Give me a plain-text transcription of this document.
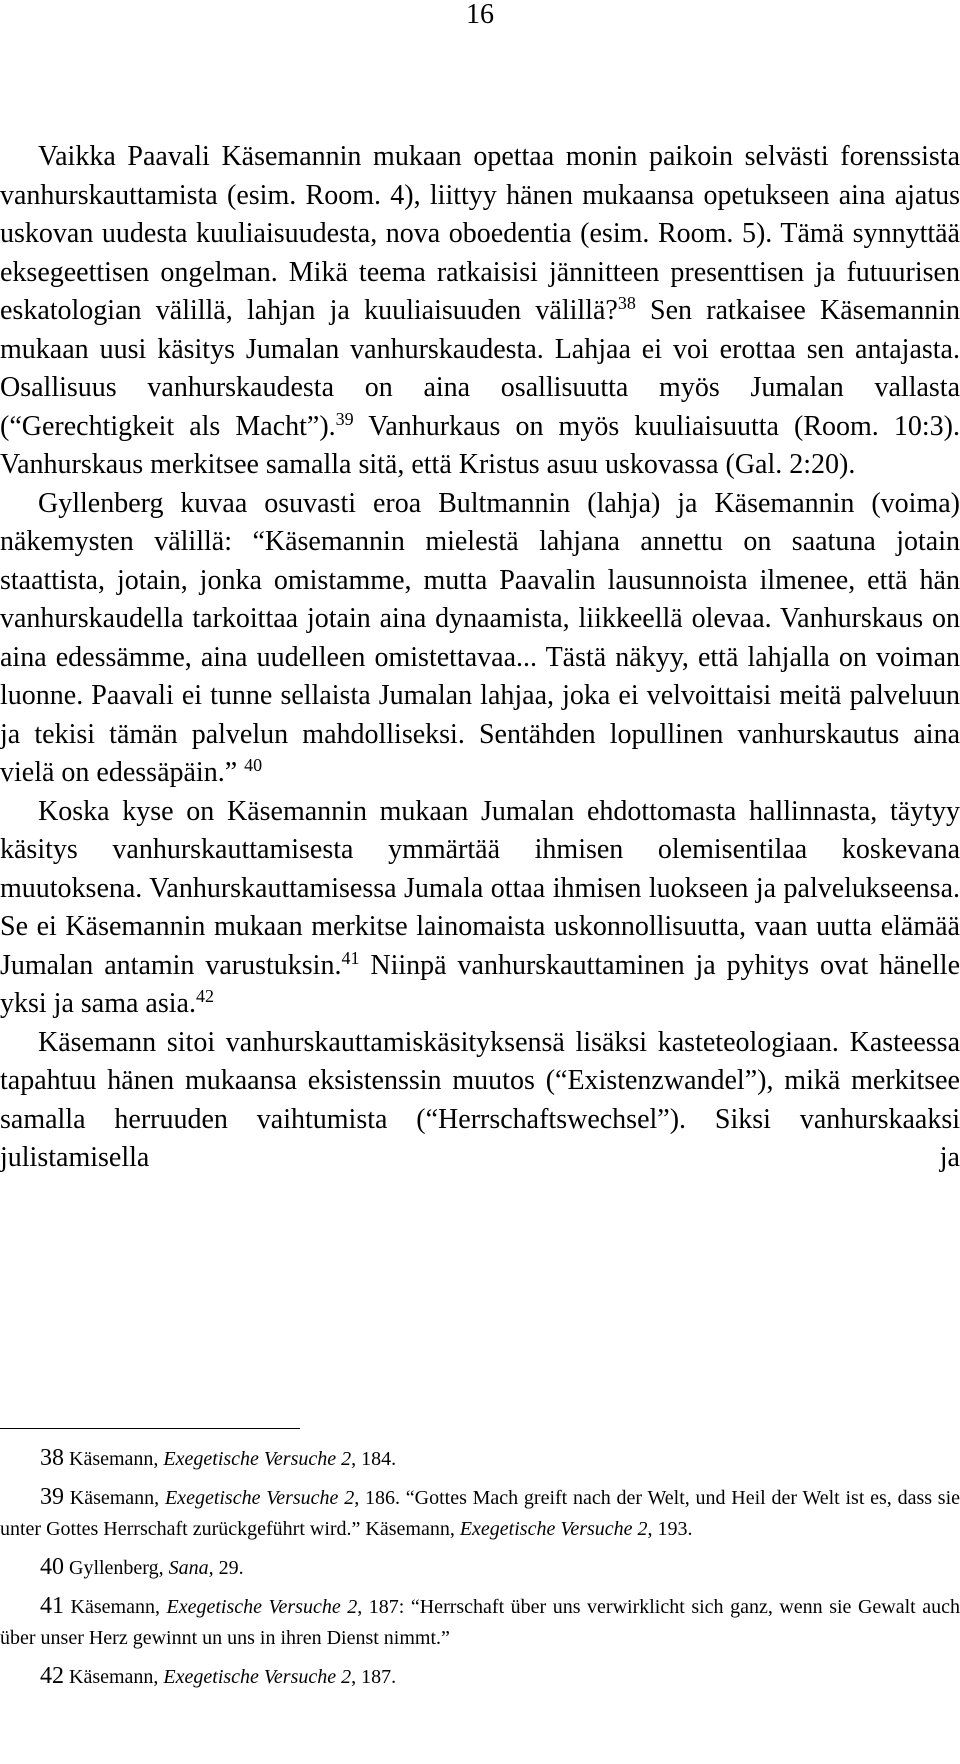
16

Vaikka Paavali Käsemannin mukaan opettaa monin paikoin selvästi forenssista vanhurskauttamista (esim. Room. 4), liittyy hänen mukaansa opetukseen aina ajatus uskovan uudesta kuuliaisuudesta, nova oboedentia (esim. Room. 5). Tämä synnyttää eksegeettisen ongelman. Mikä teema ratkaisisi jännitteen presenttisen ja futuurisen eskatologian välillä, lahjan ja kuuliaisuuden välillä?$^{38}$ Sen ratkaisee Käsemannin mukaan uusi käsitys Jumalan vanhurskaudesta. Lahjaa ei voi erottaa sen antajasta. Osallisuus vanhurskaudesta on aina osallisuutta myös Jumalan vallasta (“Gerechtigkeit als Macht”).$^{39}$ Vanhurkaus on myös kuuliaisuutta (Room. 10:3). Vanhurskaus merkitsee samalla sitä, että Kristus asuu uskovassa (Gal. 2:20).

Gyllenberg kuvaa osuvasti eroa Bultmannin (lahja) ja Käsemannin (voima) näkemysten välillä: “Käsemannin mielestä lahjana annettu on saatuna jotain staattista, jotain, jonka omistamme, mutta Paavalin lausunnoista ilmenee, että hän vanhurskaudella tarkoittaa jotain aina dynaamista, liikkeellä olevaa. Vanhurskaus on aina edessämme, aina uudelleen omistettavaa... Tästä näkyy, että lahjalla on voiman luonne. Paavali ei tunne sellaista Jumalan lahjaa, joka ei velvoittaisi meitä palveluun ja tekisi tämän palvelun mahdolliseksi. Sentähden lopullinen vanhurskautus aina vielä on edessäpäin.” $^{40}$

Koska kyse on Käsemannin mukaan Jumalan ehdottomasta hallinnasta, täytyy käsitys vanhurskauttamisesta ymmärtää ihmisen olemisentilaa koskevana muutoksena. Vanhurskauttamisessa Jumala ottaa ihmisen luokseen ja palvelukseensa. Se ei Käsemannin mukaan merkitse lainomaista uskonnollisuutta, vaan uutta elämää Jumalan antamin varustuksin.$^{41}$ Niinpä vanhurskauttaminen ja pyhitys ovat hänelle yksi ja sama asia.$^{42}$

Käsemann sitoi vanhurskauttamiskäsityksensä lisäksi kasteteologiaan. Kasteessa tapahtuu hänen mukaansa eksistenssin muutos (“Existenzwandel”), mikä merkitsee samalla herruuden vaihtumista (“Herrschaftswechsel”). Siksi vanhurskaaksi julistamisella ja

38 Käsemann, Exegetische Versuche 2, 184.

39 Käsemann, Exegetische Versuche 2, 186. “Gottes Mach greift nach der Welt, und Heil der Welt ist es, dass sie unter Gottes Herrschaft zurückgeführt wird.” Käsemann, Exegetische Versuche 2, 193.

40 Gyllenberg, Sana, 29.

41 Käsemann, Exegetische Versuche 2, 187: “Herrschaft über uns verwirklicht sich ganz, wenn sie Gewalt auch über unser Herz gewinnt un uns in ihren Dienst nimmt.”

42 Käsemann, Exegetische Versuche 2, 187.
